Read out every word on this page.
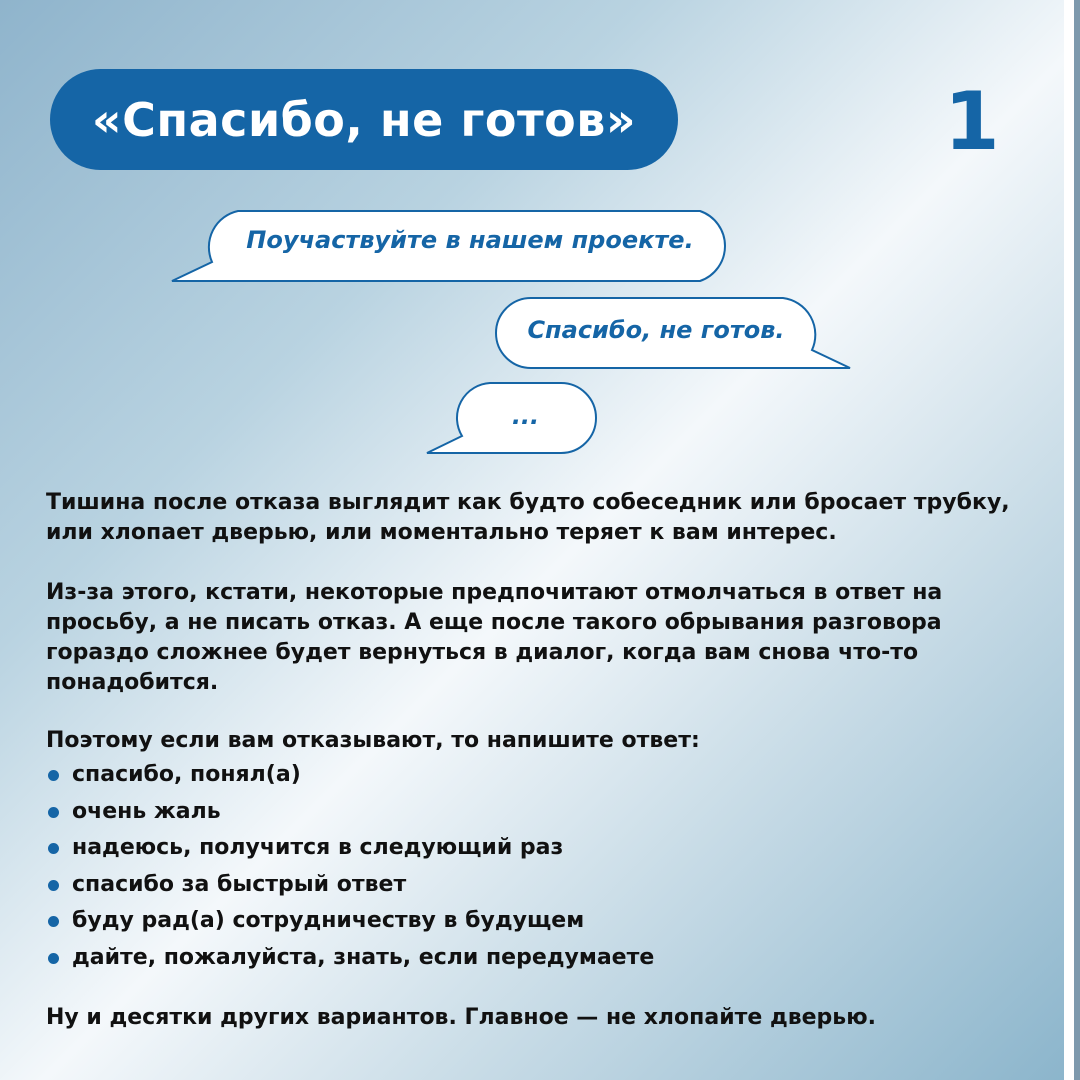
«Спасибо, не готов»	1
Поучаствуйте в нашем проекте.
Спасибо, не готов.
...
Тишина после отказа выглядит как будто собеседник или бросает трубку, или хлопает дверью, или моментально теряет к вам интерес.
Из-за этого, кстати, некоторые предпочитают отмолчаться в ответ на просьбу, а не писать отказ. А еще после такого обрывания разговора гораздо сложнее будет вернуться в диалог, когда вам снова что-то понадобится.
Поэтому если вам отказывают, то напишите ответ:
спасибо, понял(а)
очень жаль
надеюсь, получится в следующий раз
спасибо за быстрый ответ
буду рад(а) сотрудничеству в будущем
дайте, пожалуйста, знать, если передумаете
Ну и десятки других вариантов. Главное — не хлопайте дверью.
